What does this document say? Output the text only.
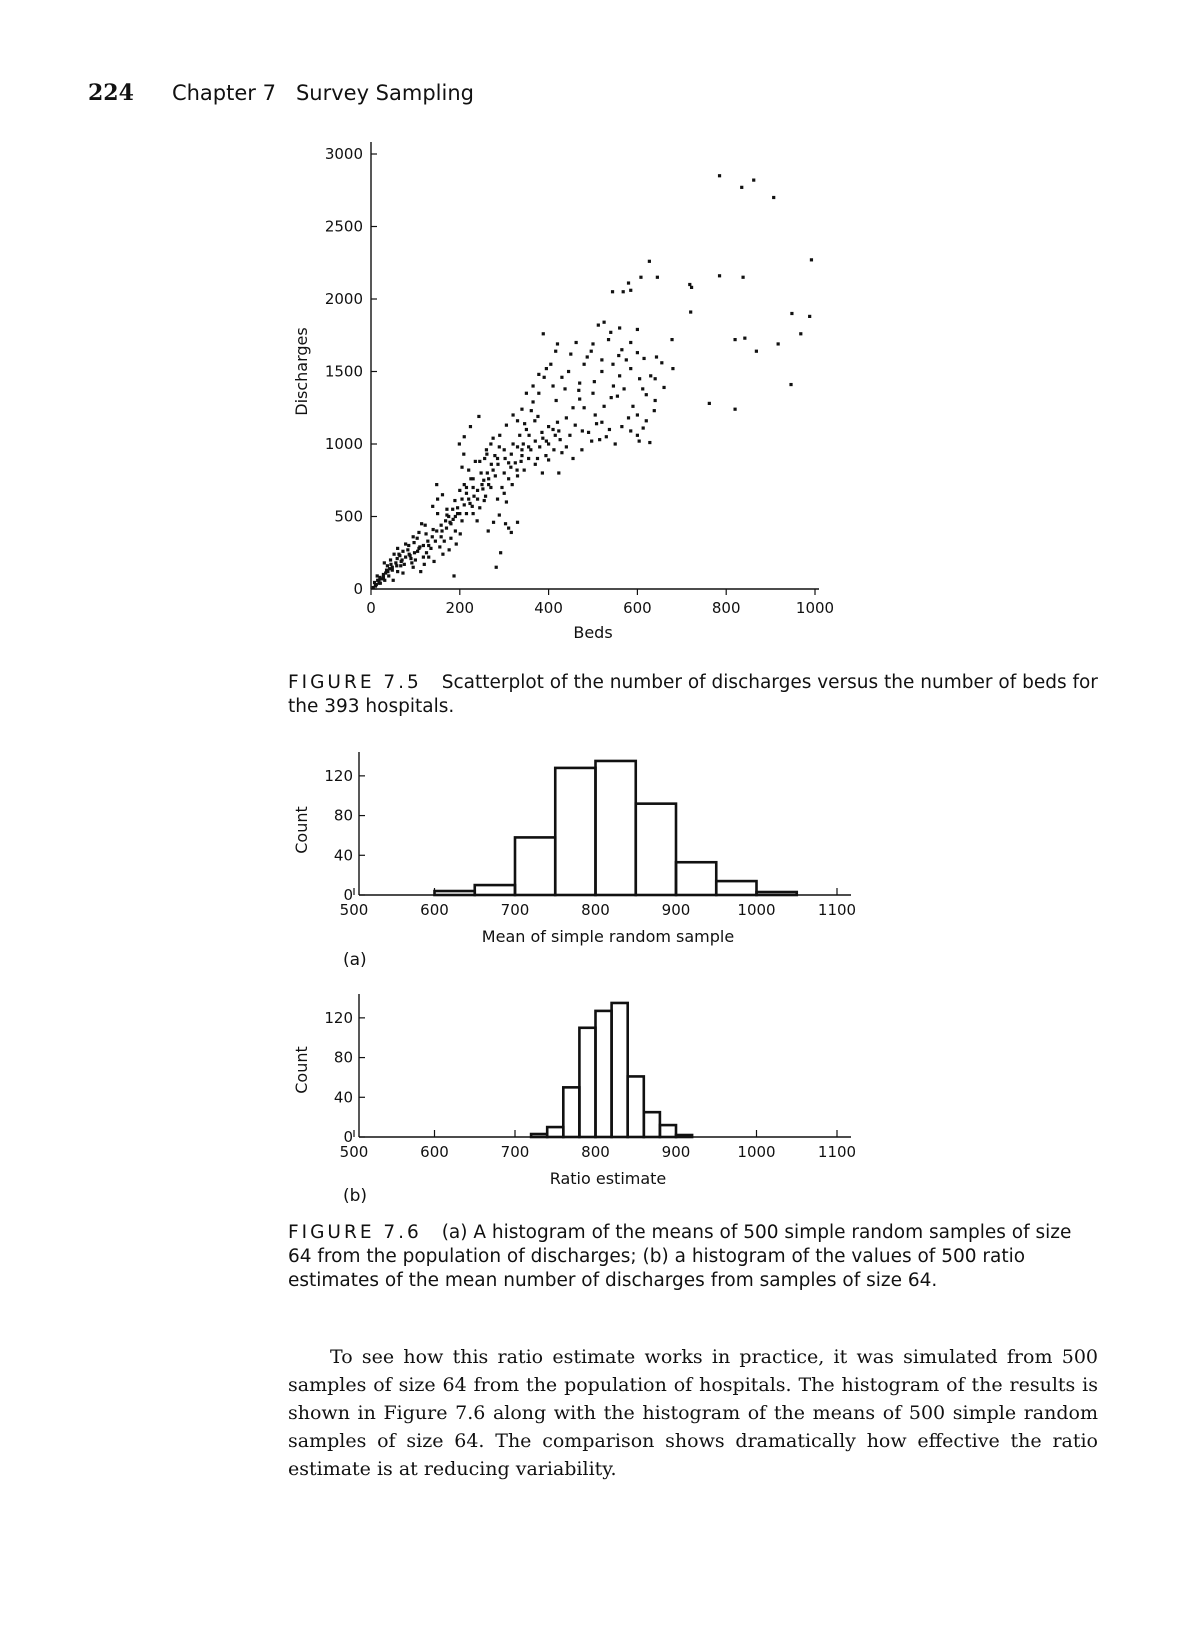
224 Chapter 7   Survey Sampling
0	200	400	600	800	1000
0
500
1000
1500
2000
2500
3000
Beds
Discharges
500	600	700	800	900	1000	1100
0
40
80
120
Mean of simple random sample
Count
500	600	700	800	900	1000	1100
0
40
80
120
Ratio estimate
Count
(a)
(b)
FIGURE 7.5 Scatterplot of the number of discharges versus the number of beds for the 393 hospitals.
FIGURE 7.6 (a) A histogram of the means of 500 simple random samples of size 64 from the population of discharges; (b) a histogram of the values of 500 ratio estimates of the mean number of discharges from samples of size 64.

To see how this ratio estimate works in practice, it was simulated from 500 samples of size 64 from the population of hospitals. The histogram of the results is shown in Figure 7.6 along with the histogram of the means of 500 simple random samples of size 64. The comparison shows dramatically how effective the ratio estimate is at reducing variability.
